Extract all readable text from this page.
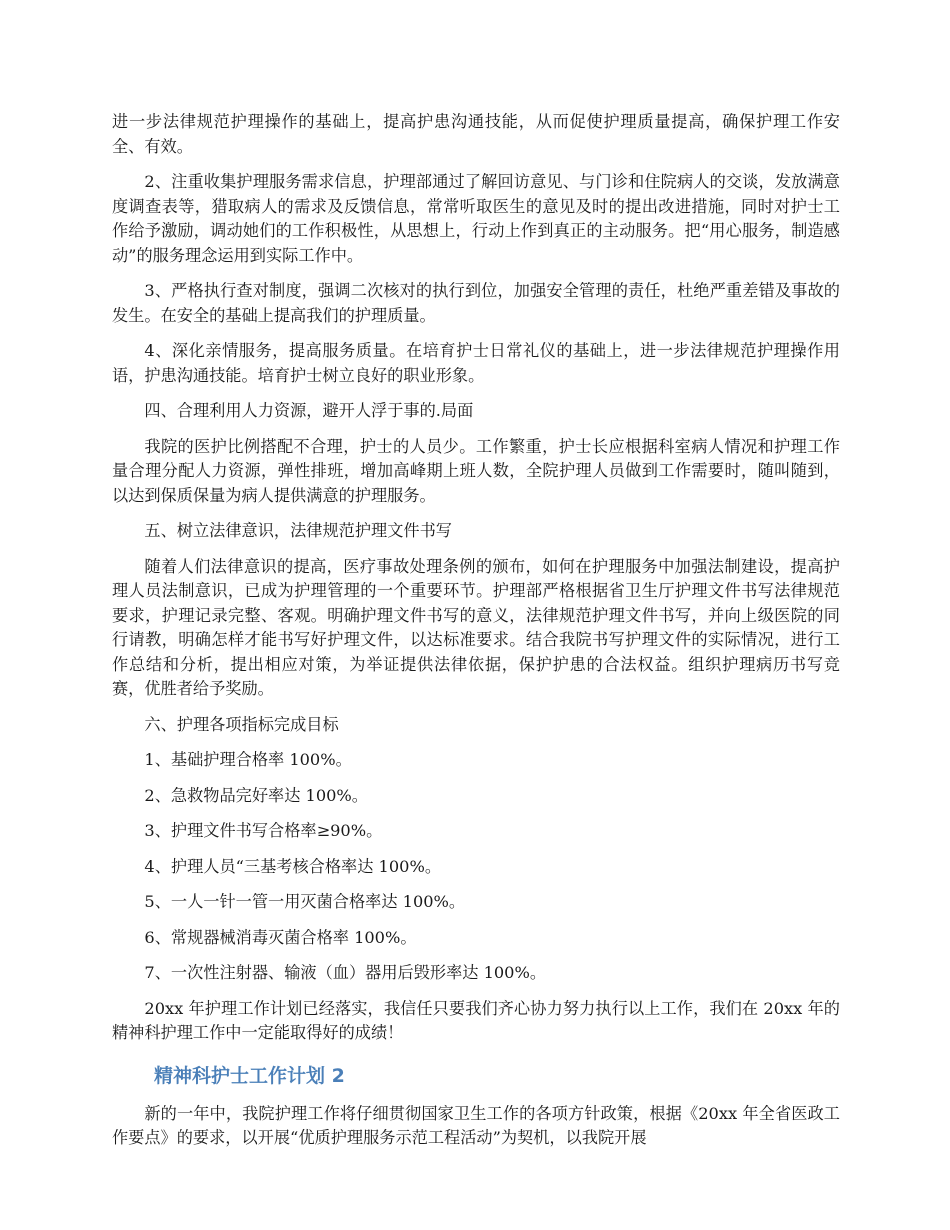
进一步法律规范护理操作的基础上，提高护患沟通技能，从而促使护理质量提高，确保护理工作安全、有效。

2、注重收集护理服务需求信息，护理部通过了解回访意见、与门诊和住院病人的交谈，发放满意度调查表等，猎取病人的需求及反馈信息，常常听取医生的意见及时的提出改进措施，同时对护士工作给予激励，调动她们的工作积极性，从思想上，行动上作到真正的主动服务。把“用心服务，制造感动”的服务理念运用到实际工作中。

3、严格执行查对制度，强调二次核对的执行到位，加强安全管理的责任，杜绝严重差错及事故的发生。在安全的基础上提高我们的护理质量。

4、深化亲情服务，提高服务质量。在培育护士日常礼仪的基础上，进一步法律规范护理操作用语，护患沟通技能。培育护士树立良好的职业形象。

四、合理利用人力资源，避开人浮于事的.局面

我院的医护比例搭配不合理，护士的人员少。工作繁重，护士长应根据科室病人情况和护理工作量合理分配人力资源，弹性排班，增加高峰期上班人数，全院护理人员做到工作需要时，随叫随到，以达到保质保量为病人提供满意的护理服务。

五、树立法律意识，法律规范护理文件书写

随着人们法律意识的提高，医疗事故处理条例的颁布，如何在护理服务中加强法制建设，提高护理人员法制意识，已成为护理管理的一个重要环节。护理部严格根据省卫生厅护理文件书写法律规范要求，护理记录完整、客观。明确护理文件书写的意义，法律规范护理文件书写，并向上级医院的同行请教，明确怎样才能书写好护理文件，以达标准要求。结合我院书写护理文件的实际情况，进行工作总结和分析，提出相应对策，为举证提供法律依据，保护护患的合法权益。组织护理病历书写竞赛，优胜者给予奖励。

六、护理各项指标完成目标

1、基础护理合格率 100%。

2、急救物品完好率达 100%。

3、护理文件书写合格率≥90%。

4、护理人员“三基考核合格率达 100%。

5、一人一针一管一用灭菌合格率达 100%。

6、常规器械消毒灭菌合格率 100%。

7、一次性注射器、输液（血）器用后毁形率达 100%。

20xx 年护理工作计划已经落实，我信任只要我们齐心协力努力执行以上工作，我们在 20xx 年的精神科护理工作中一定能取得好的成绩！

精神科护士工作计划 2

新的一年中，我院护理工作将仔细贯彻国家卫生工作的各项方针政策，根据《20xx 年全省医政工作要点》的要求，以开展“优质护理服务示范工程活动”为契机，以我院开展
